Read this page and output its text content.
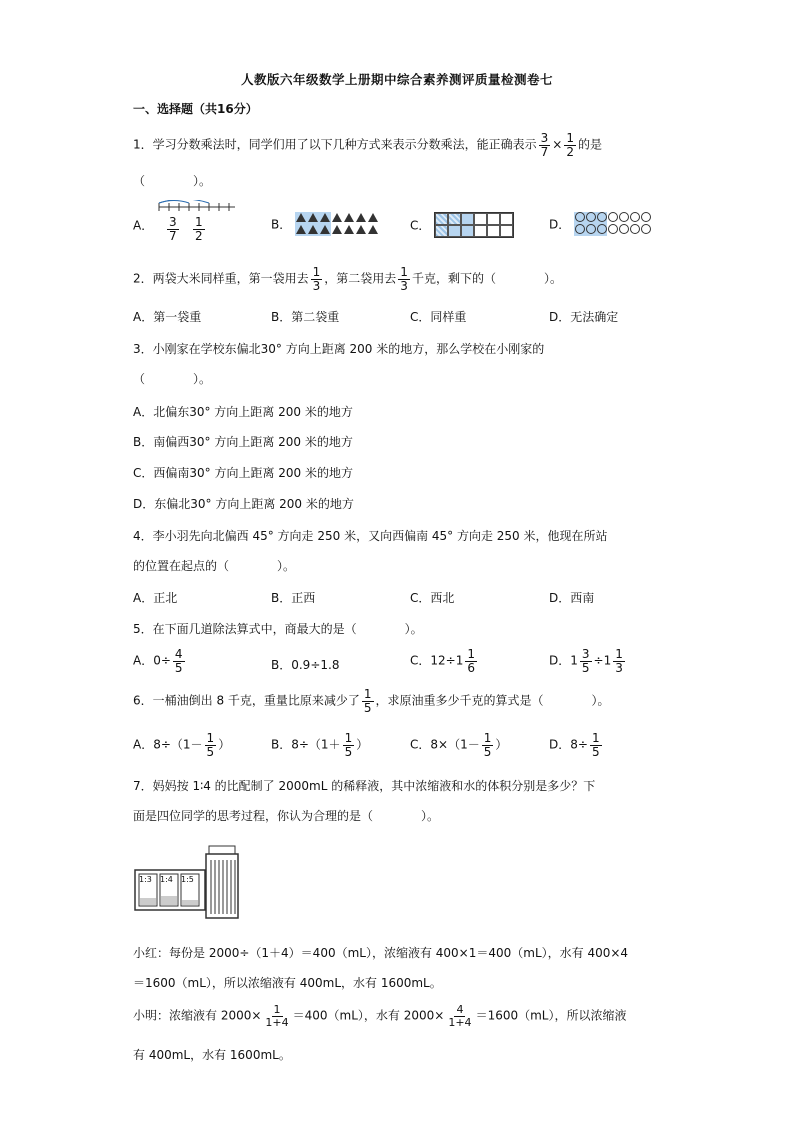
人教版六年级数学上册期中综合素养测评质量检测卷七
一、选择题（共16分）
1．学习分数乘法时，同学们用了以下几种方式来表示分数乘法，能正确表示 $\frac{3}{7} \times \frac{1}{2}$ 的是
（　　　　）。
A． $\frac{3}{7} \frac{1}{2}$	B．	C．	D．

2．两袋大米同样重，第一袋用去 $\frac{1}{3}$ ，第二袋用去 $\frac{1}{3}$ 千克，剩下的（　　　　）。
A．第一袋重	B．第二袋重	C．同样重	D．无法确定
3．小刚家在学校东偏北30° 方向上距离 200 米的地方，那么学校在小刚家的
（　　　　）。
A．北偏东30° 方向上距离 200 米的地方
B．南偏西30° 方向上距离 200 米的地方
C．西偏南30° 方向上距离 200 米的地方
D．东偏北30° 方向上距离 200 米的地方
4．李小羽先向北偏西 45° 方向走 250 米，又向西偏南 45° 方向走 250 米，他现在所站
的位置在起点的（　　　　）。
A．正北	B．正西	C．西北	D．西南
5．在下面几道除法算式中，商最大的是（　　　　）。
A．$0\div \frac{4}{5}$	B．0.9÷1.8	C．$12\div 1 \frac{1}{6}$	D．$1 \frac{3}{5} \div 1 \frac{1}{3}$
6．一桶油倒出 8 千克，重量比原来减少了 $\frac{1}{5}$ ，求原油重多少千克的算式是（　　　　）。
A．$8\div(1- \frac{1}{5}$ ）	B．$8\div(1+ \frac{1}{5}$ ）	C．$8\times(1- \frac{1}{5}$ ）	D．$8\div \frac{1}{5}$
7．妈妈按 1∶4 的比配制了 2000mL 的稀释液，其中浓缩液和水的体积分别是多少？下
面是四位同学的思考过程，你认为合理的是（　　　　）。
1:3 1:4 1:5
小红：每份是 2000÷（1＋4）＝400（mL），浓缩液有 400×1＝400（mL），水有 400×4
＝1600（mL），所以浓缩液有 400mL，水有 1600mL。
小明：浓缩液有 $2000\times \frac{1}{1+4} =400(mL)$，水有 $2000\times \frac{4}{1+4} =1600(mL)$，所以浓缩液
有 400mL，水有 1600mL。
